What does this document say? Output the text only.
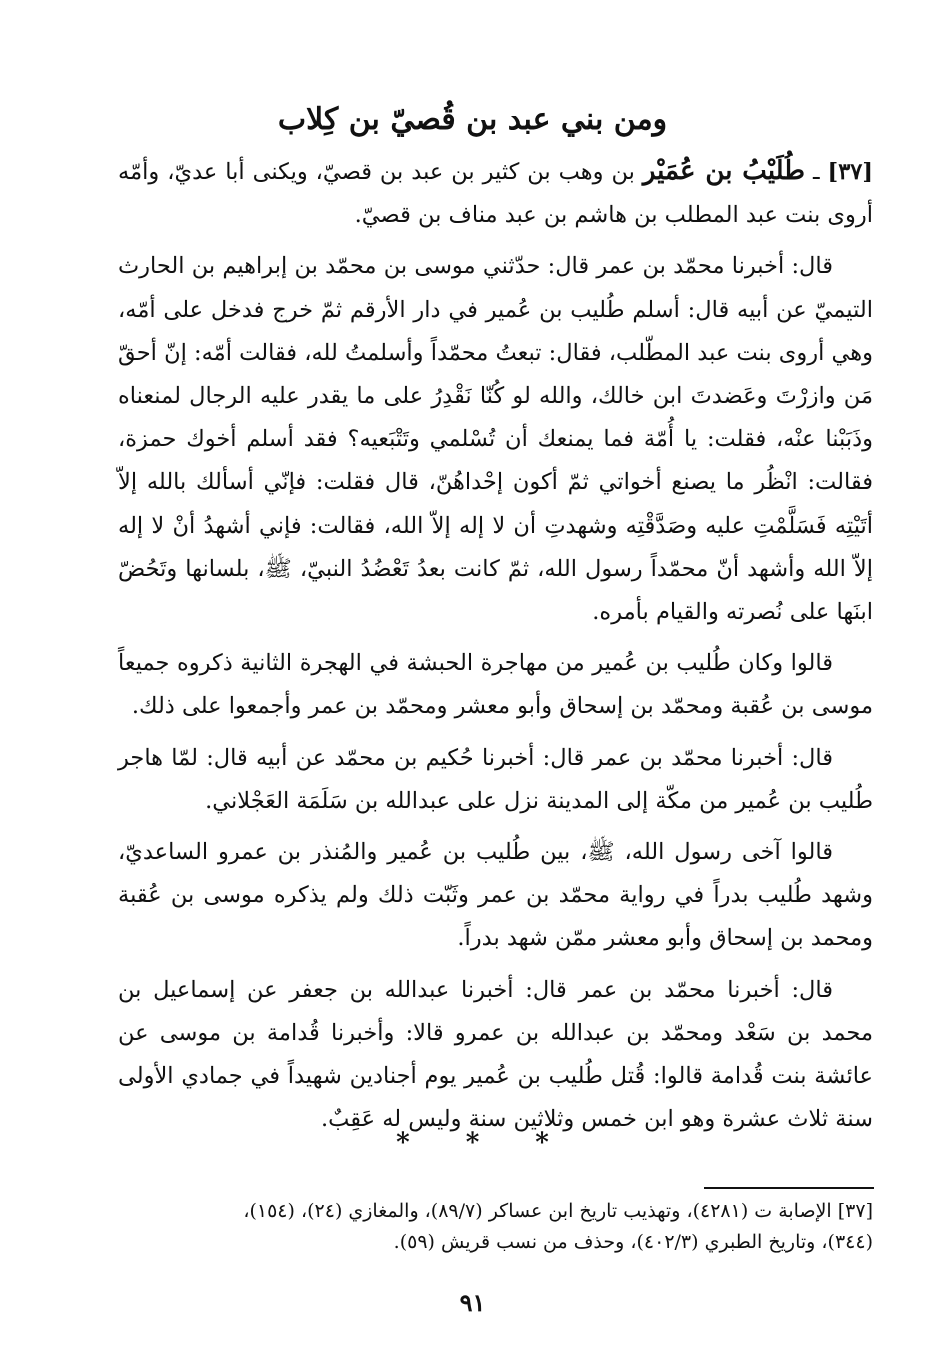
ومن بني عبد بن قُصيّ بن كِلاب

[٣٧] ـ طُلَيْبُ بن عُمَيْر بن وهب بن كثير بن عبد بن قصيّ، ويكنى أبا عديّ، وأمّه أروى بنت عبد المطلب بن هاشم بن عبد مناف بن قصيّ.

قال: أخبرنا محمّد بن عمر قال: حدّثني موسى بن محمّد بن إبراهيم بن الحارث التيميّ عن أبيه قال: أسلم طُليب بن عُمير في دار الأرقم ثمّ خرج فدخل على أمّه، وهي أروى بنت عبد المطّلب، فقال: تبعتُ محمّداً وأسلمتُ لله، فقالت أمّه: إنّ أحقّ مَن وازرْتَ وعَضدتَ ابن خالك، والله لو كُنّا نَقْدِرُ على ما يقدر عليه الرجال لمنعناه وذَبَبْنا عنْه، فقلت: يا أُمّة فما يمنعك أن تُسْلمي وتَتْبَعيه؟ فقد أسلم أخوك حمزة، فقالت: انْظُر ما يصنع أخواتي ثمّ أكون إحْداهُنّ، قال فقلت: فإنّي أسألك بالله إلاّ أتَيْتِه فَسَلَّمْتِ عليه وصَدَّقْتِه وشهدتِ أن لا إله إلاّ الله، فقالت: فإني أشهدُ أنْ لا إله إلاّ الله وأشهد أنّ محمّداً رسول الله، ثمّ كانت بعدُ تَعْضُدُ النبيّ، ﷺ، بلسانها وتَحُضّ ابنَها على نُصرته والقيام بأمره.

قالوا وكان طُليب بن عُمير من مهاجرة الحبشة في الهجرة الثانية ذكروه جميعاً موسى بن عُقبة ومحمّد بن إسحاق وأبو معشر ومحمّد بن عمر وأجمعوا على ذلك.

قال: أخبرنا محمّد بن عمر قال: أخبرنا حُكيم بن محمّد عن أبيه قال: لمّا هاجر طُليب بن عُمير من مكّة إلى المدينة نزل على عبدالله بن سَلَمَة العَجْلاني.

قالوا آخى رسول الله، ﷺ، بين طُليب بن عُمير والمُنذر بن عمرو الساعديّ، وشهد طُليب بدراً في رواية محمّد بن عمر وثَبّت ذلك ولم يذكره موسى بن عُقبة ومحمد بن إسحاق وأبو معشر ممّن شهد بدراً.

قال: أخبرنا محمّد بن عمر قال: أخبرنا عبدالله بن جعفر عن إسماعيل بن محمد بن سَعْد ومحمّد بن عبدالله بن عمرو قالا: وأخبرنا قُدامة بن موسى عن عائشة بنت قُدامة قالوا: قُتل طُليب بن عُمير يوم أجنادين شهيداً في جمادي الأولى سنة ثلاث عشرة وهو ابن خمس وثلاثين سنة وليس له عَقِبٌ.

* * *

[٣٧] الإصابة ت (٤٢٨١)، وتهذيب تاريخ ابن عساكر (٨٩/٧)، والمغازي (٢٤)، (١٥٤)،

(٣٤٤)، وتاريخ الطبري (٤٠٢/٣)، وحذف من نسب قريش (٥٩).

٩١
